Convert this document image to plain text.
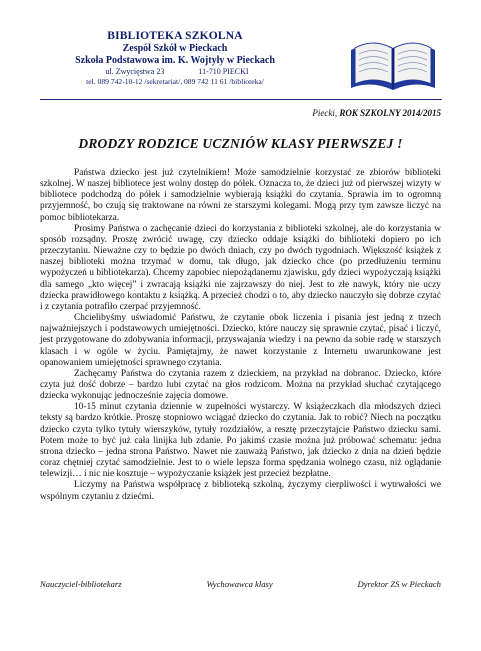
BIBLIOTEKA SZKOLNA
Zespół Szkół w Pieckach
Szkoła Podstawowa im. K. Wojtyły w Pieckach
ul. Zwycięstwa 23	11-710 PIECKI
tel. 089 742-10-12 /sekretariat/, 089 742 11 61 /biblioteka/
Piecki, ROK SZKOLNY 2014/2015
DRODZY RODZICE UCZNIÓW KLASY PIERWSZEJ !

Państwa dziecko jest już czytelnikiem! Może samodzielnie korzystać ze zbiorów biblioteki szkolnej. W naszej bibliotece jest wolny dostęp do półek. Oznacza to, że dzieci już od pierwszej wizyty w bibliotece podchodzą do półek i samodzielnie wybierają książki do czytania. Sprawia im to ogromną przyjemność, bo czują się traktowane na równi ze starszymi kolegami. Mogą przy tym zawsze liczyć na pomoc bibliotekarza.

Prosimy Państwa o zachęcanie dzieci do korzystania z biblioteki szkolnej, ale do korzystania w sposób rozsądny. Proszę zwrócić uwagę, czy dziecko oddaje książki do biblioteki dopiero po ich przeczytaniu. Nieważne czy to będzie po dwóch dniach, czy po dwóch tygodniach. Większość książek z naszej biblioteki można trzymać w domu, tak długo, jak dziecko chce (po przedłużeniu terminu wypożyczeń u bibliotekarza). Chcemy zapobiec niepożądanemu zjawisku, gdy dzieci wypożyczają książki dla samego „kto więcej” i zwracają książki nie zajrzawszy do niej. Jest to złe nawyk, który nie uczy dziecka prawidłowego kontaktu z książką. A przecież chodzi o to, aby dziecko nauczyło się dobrze czytać i z czytania potrafiło czerpać przyjemność.

Chcielibyśmy uświadomić Państwu, że czytanie obok liczenia i pisania jest jedną z trzech najważniejszych i podstawowych umiejętności. Dziecko, które nauczy się sprawnie czytać, pisać i liczyć, jest przygotowane do zdobywania informacji, przyswajania wiedzy i na pewno da sobie radę w starszych klasach i w ogóle w życiu. Pamiętajmy, że nawet korzystanie z Internetu uwarunkowane jest opanowaniem umiejętności sprawnego czytania.

Zachęcamy Państwa do czytania razem z dzieckiem, na przykład na dobranoc. Dziecko, które czyta już dość dobrze – bardzo lubi czytać na głos rodzicom. Można na przykład słuchać czytającego dziecka wykonując jednocześnie zajęcia domowe.

10-15 minut czytania dziennie w zupełności wystarczy. W książeczkach dla młodszych dzieci teksty są bardzo krótkie. Proszę stopniowo wciągać dziecko do czytania. Jak to robić? Niech na początku dziecko czyta tylko tytuły wierszyków, tytuły rozdziałów, a resztę przeczytajcie Państwo dziecku sami. Potem może to być już cała linijka lub zdanie. Po jakimś czasie można już próbować schematu: jedna strona dziecko – jedna strona Państwo. Nawet nie zauważą Państwo, jak dziecko z dnia na dzień będzie coraz chętniej czytać samodzielnie. Jest to o wiele lepsza forma spędzania wolnego czasu, niż oglądanie telewizji… i nic nie kosztuje – wypożyczanie książek jest przecież bezpłatne.

Liczymy na Państwa współpracę z biblioteką szkolną, życzymy cierpliwości i wytrwałości we wspólnym czytaniu z dziećmi.

Nauczyciel-bibliotekarz	Wychowawca klasy	Dyrektor ZS w Pieckach
